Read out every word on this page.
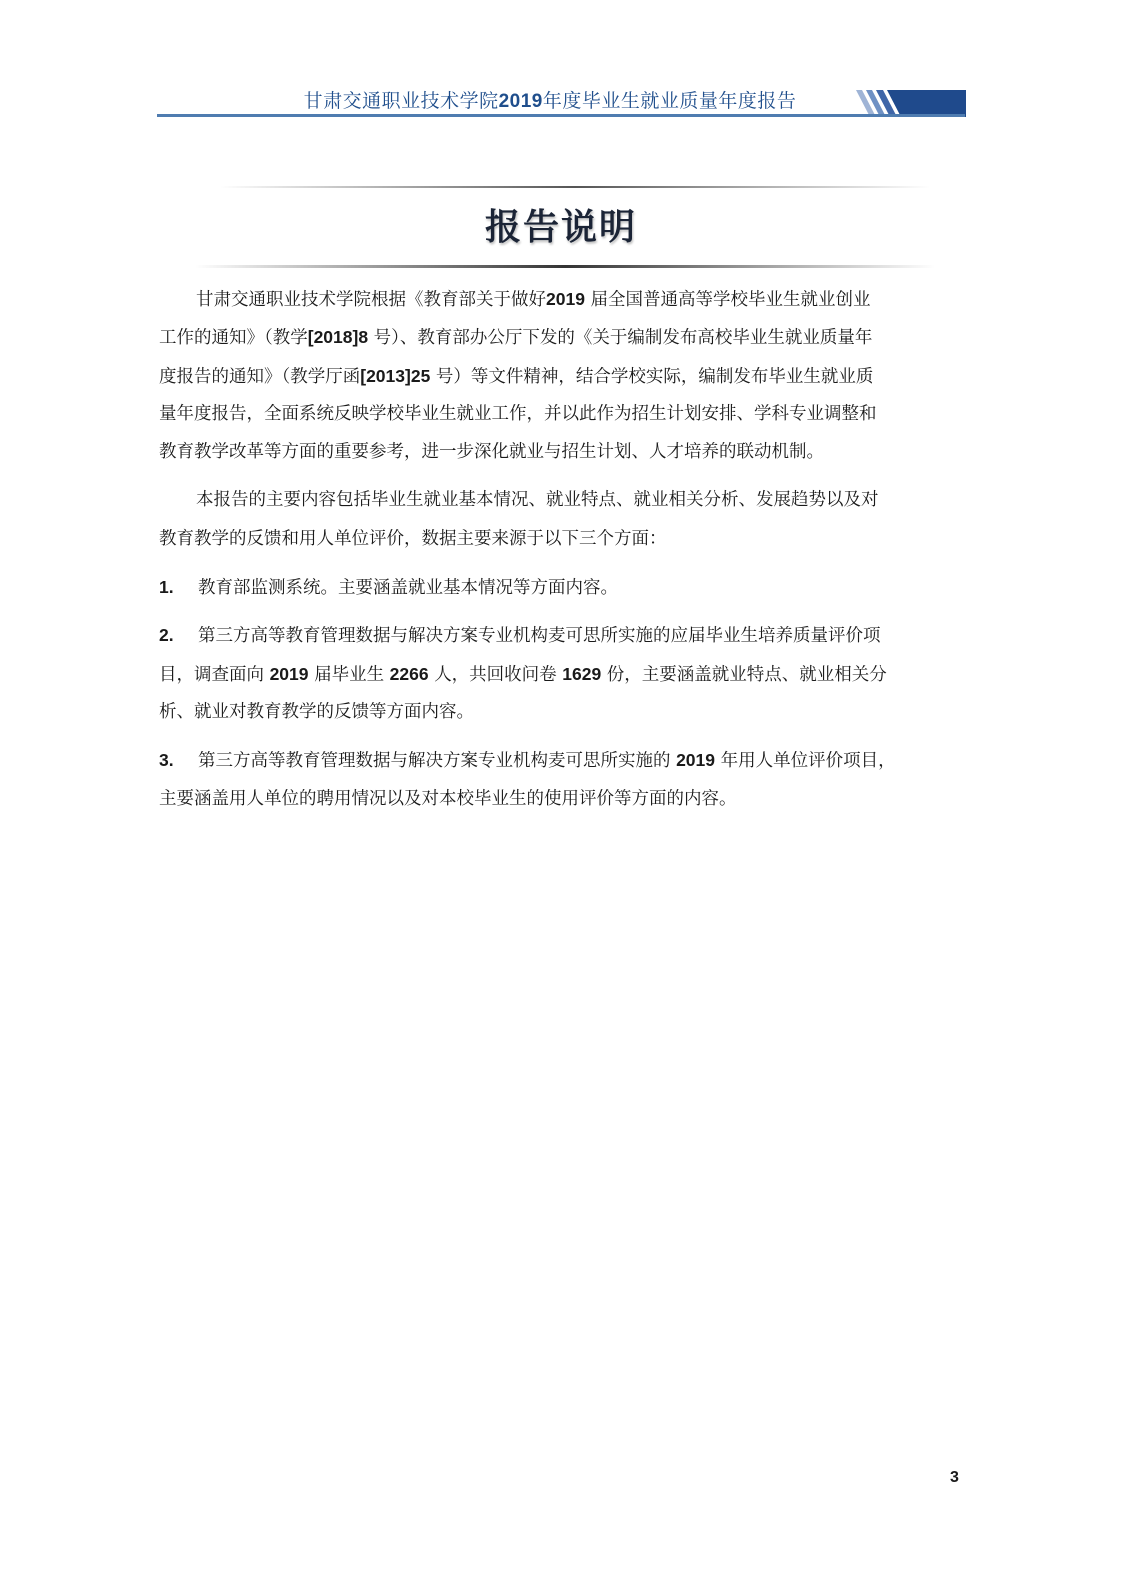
甘肃交通职业技术学院2019年度毕业生就业质量年度报告
报告说明
甘肃交通职业技术学院根据《教育部关于做好2019 届全国普通高等学校毕业生就业创业
工作的通知》（教学[2018]8 号）、教育部办公厅下发的《关于编制发布高校毕业生就业质量年
度报告的通知》（教学厅函[2013]25 号）等文件精神，结合学校实际，编制发布毕业生就业质
量年度报告，全面系统反映学校毕业生就业工作，并以此作为招生计划安排、学科专业调整和
教育教学改革等方面的重要参考，进一步深化就业与招生计划、人才培养的联动机制。
本报告的主要内容包括毕业生就业基本情况、就业特点、就业相关分析、发展趋势以及对
教育教学的反馈和用人单位评价，数据主要来源于以下三个方面：
1. 教育部监测系统。主要涵盖就业基本情况等方面内容。
2. 第三方高等教育管理数据与解决方案专业机构麦可思所实施的应届毕业生培养质量评价项
目，调查面向 2019 届毕业生 2266 人，共回收问卷 1629 份，主要涵盖就业特点、就业相关分
析、就业对教育教学的反馈等方面内容。
3. 第三方高等教育管理数据与解决方案专业机构麦可思所实施的 2019 年用人单位评价项目，
主要涵盖用人单位的聘用情况以及对本校毕业生的使用评价等方面的内容。
3
